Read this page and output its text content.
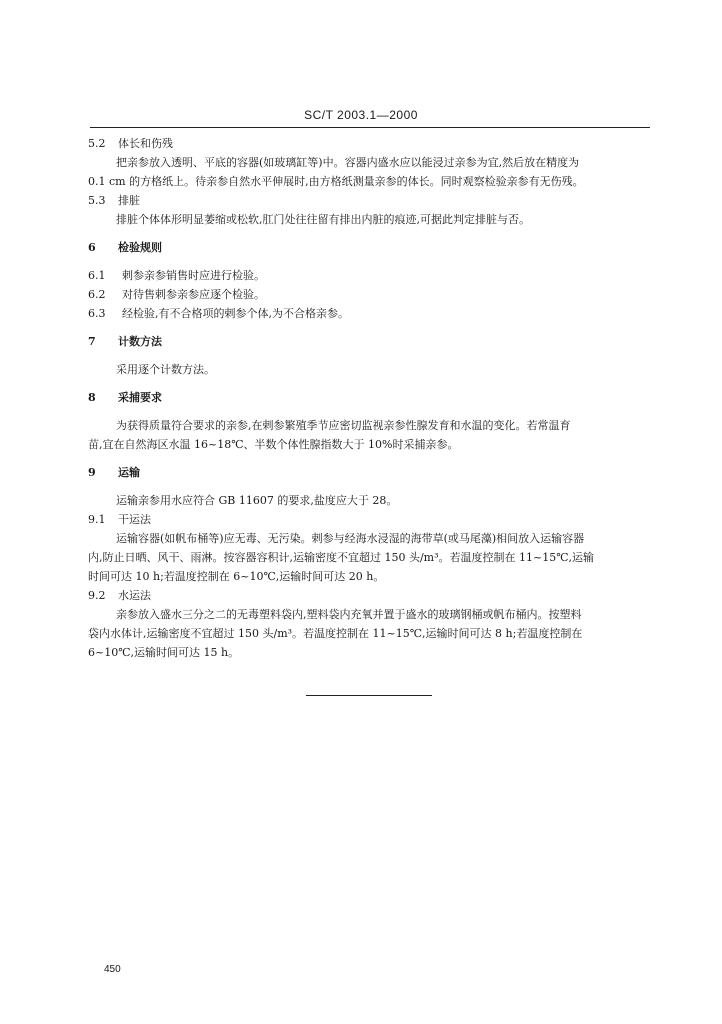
SC/T 2003.1—2000
5.2 体长和伤残
把亲参放入透明、平底的容器(如玻璃缸等)中。容器内盛水应以能浸过亲参为宜,然后放在精度为
0.1 cm 的方格纸上。待亲参自然水平伸展时,由方格纸测量亲参的体长。同时观察检验亲参有无伤残。
5.3 排脏
排脏个体体形明显萎缩或松软,肛门处往往留有排出内脏的痕迹,可据此判定排脏与否。
6 检验规则
6.1 剌参亲参销售时应进行检验。
6.2 对待售剌参亲参应逐个检验。
6.3 经检验,有不合格项的剌参个体,为不合格亲参。
7 计数方法
采用逐个计数方法。
8 采捕要求
为获得质量符合要求的亲参,在剌参繁殖季节应密切监视亲参性腺发育和水温的变化。若常温育
苗,宜在自然海区水温 16~18℃、半数个体性腺指数大于 10%时采捕亲参。
9 运输
运输亲参用水应符合 GB 11607 的要求,盐度应大于 28。
9.1 干运法
运输容器(如帆布桶等)应无毒、无污染。剌参与经海水浸湿的海带草(或马尾藻)相间放入运输容器
内,防止日晒、风干、雨淋。按容器容积计,运输密度不宜超过 150 头/m³。若温度控制在 11~15℃,运输
时间可达 10 h;若温度控制在 6~10℃,运输时间可达 20 h。
9.2 水运法
亲参放入盛水三分之二的无毒塑料袋内,塑料袋内充氧并置于盛水的玻璃钢桶或帆布桶内。按塑料
袋内水体计,运输密度不宜超过 150 头/m³。若温度控制在 11~15℃,运输时间可达 8 h;若温度控制在
6~10℃,运输时间可达 15 h。
450
